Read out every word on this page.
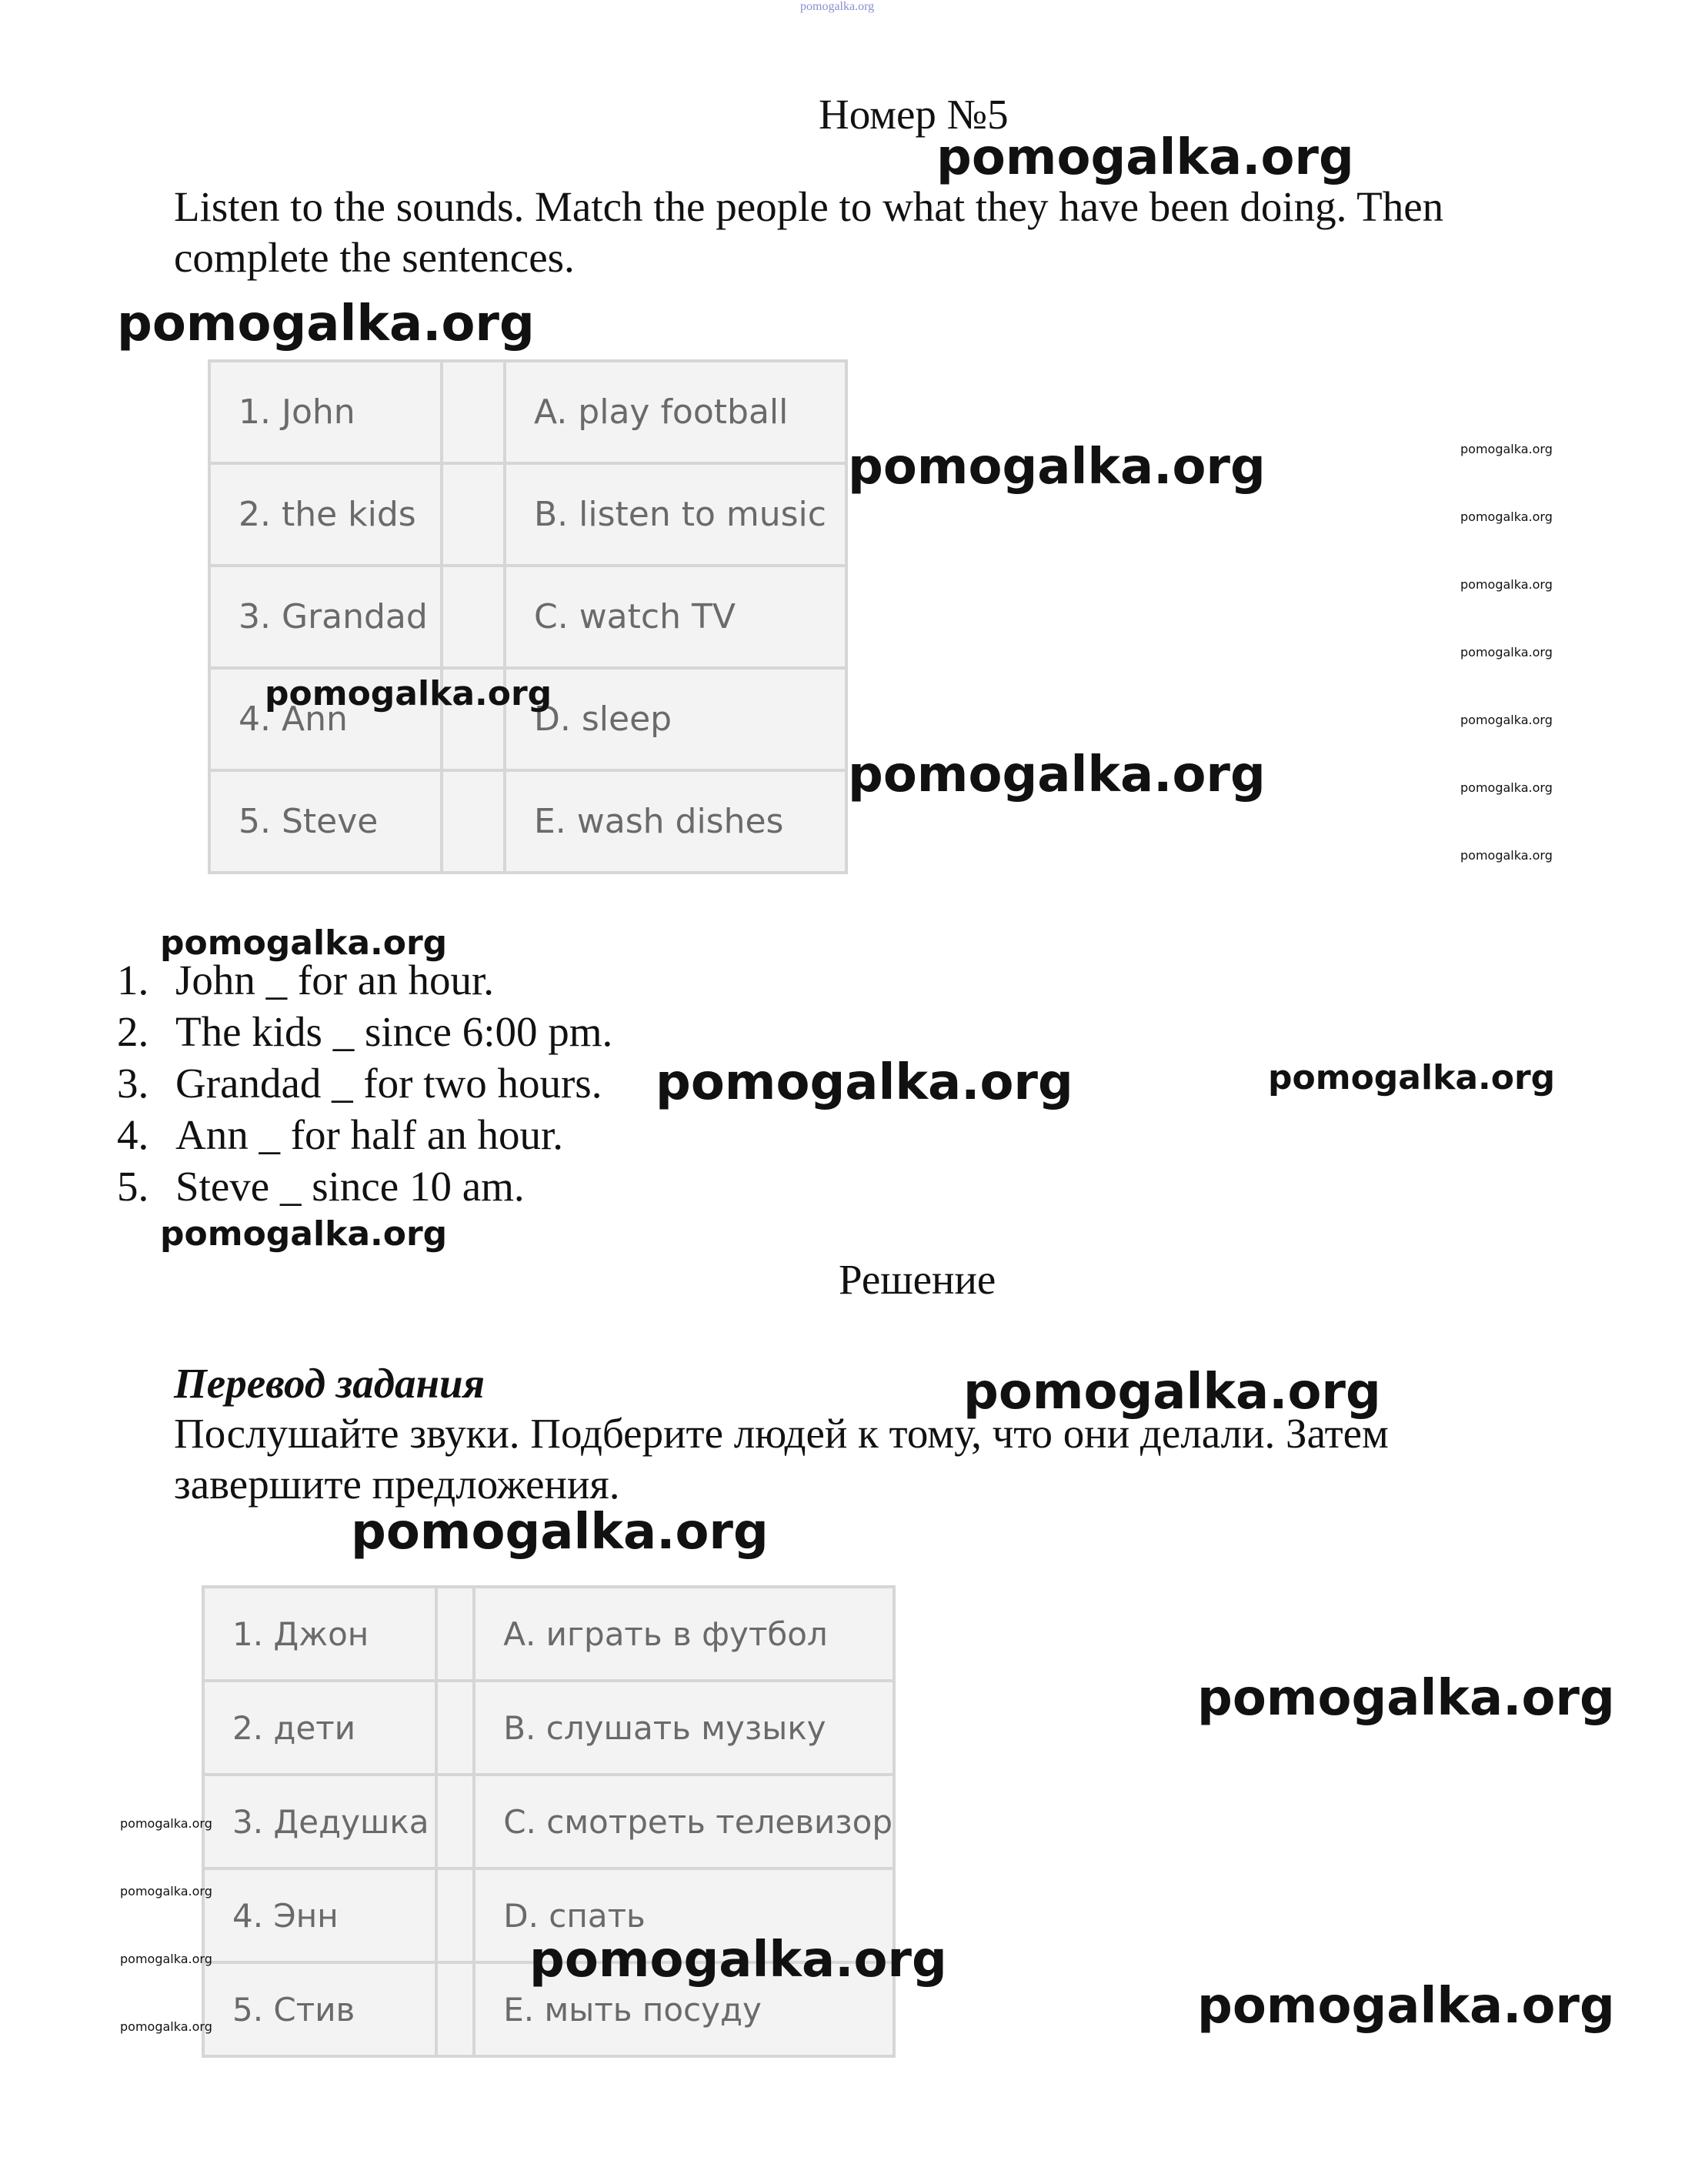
pomogalka.org
Номер №5
pomogalka.org
Listen to the sounds. Match the people to what they have been doing. Then complete the sentences.
pomogalka.org
1. John		A. play football
2. the kids		B. listen to music
3. Grandad		C. watch TV
4. Ann		D. sleep
5. Steve		E. wash dishes
pomogalka.org
pomogalka.org
pomogalka.org
pomogalka.org
pomogalka.org
pomogalka.org
pomogalka.org
pomogalka.org
pomogalka.org
pomogalka.org
pomogalka.org
1. John _ for an hour.
2. The kids _ since 6:00 pm.
3. Grandad _ for two hours.
4. Ann _ for half an hour.
5. Steve _ since 10 am.
pomogalka.org	pomogalka.org
pomogalka.org
Решение
Перевод задания	pomogalka.org
Послушайте звуки. Подберите людей к тому, что они делали. Затем завершите предложения.
pomogalka.org
1. Джон		А. играть в футбол
2. дети		В. слушать музыку
3. Дедушка		С. смотреть телевизор
4. Энн		D. спать
5. Стив		Е. мыть посуду
pomogalka.org
pomogalka.org
pomogalka.org
pomogalka.org
pomogalka.org
pomogalka.org
pomogalka.org
